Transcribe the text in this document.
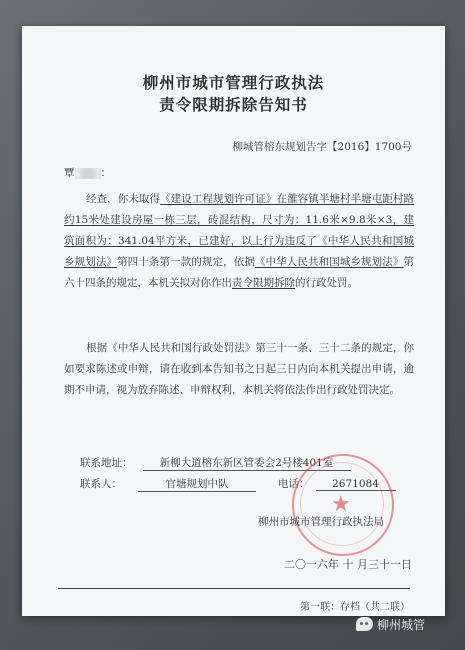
柳州市城市管理行政执法
责令限期拆除告知书
柳城管榕东规划告字【2016】1700号
覃 ：
经查，你未取得《建设工程规划许可证》在雒容镇半塘村半塘屯距村路约15米处建设房屋一栋三层，砖混结构，尺寸为：11.6米×9.8米×3，建筑面积为：341.04平方米，已建好，以上行为违反了《中华人民共和国城乡规划法》第四十条第一款的规定，依据《中华人民共和国城乡规划法》第六十四条的规定，本机关拟对你作出责令限期拆除的行政处罚。
根据《中华人民共和国行政处罚法》第三十一条、三十二条的规定，你如要求陈述或申辩，请在收到本告知书之日起三日内向本机关提出申请，逾期不申请，视为放弃陈述、申辩权利，本机关将依法作出行政处罚决定。
联系地址：	新柳大道榕东新区管委会2号楼401室
联系人：	官塘规划中队	电话： 2671084
★
柳州市城市管理行政执法局
二〇一六年 十 月三十一日
第一联：存档（共二联）
柳州城管
